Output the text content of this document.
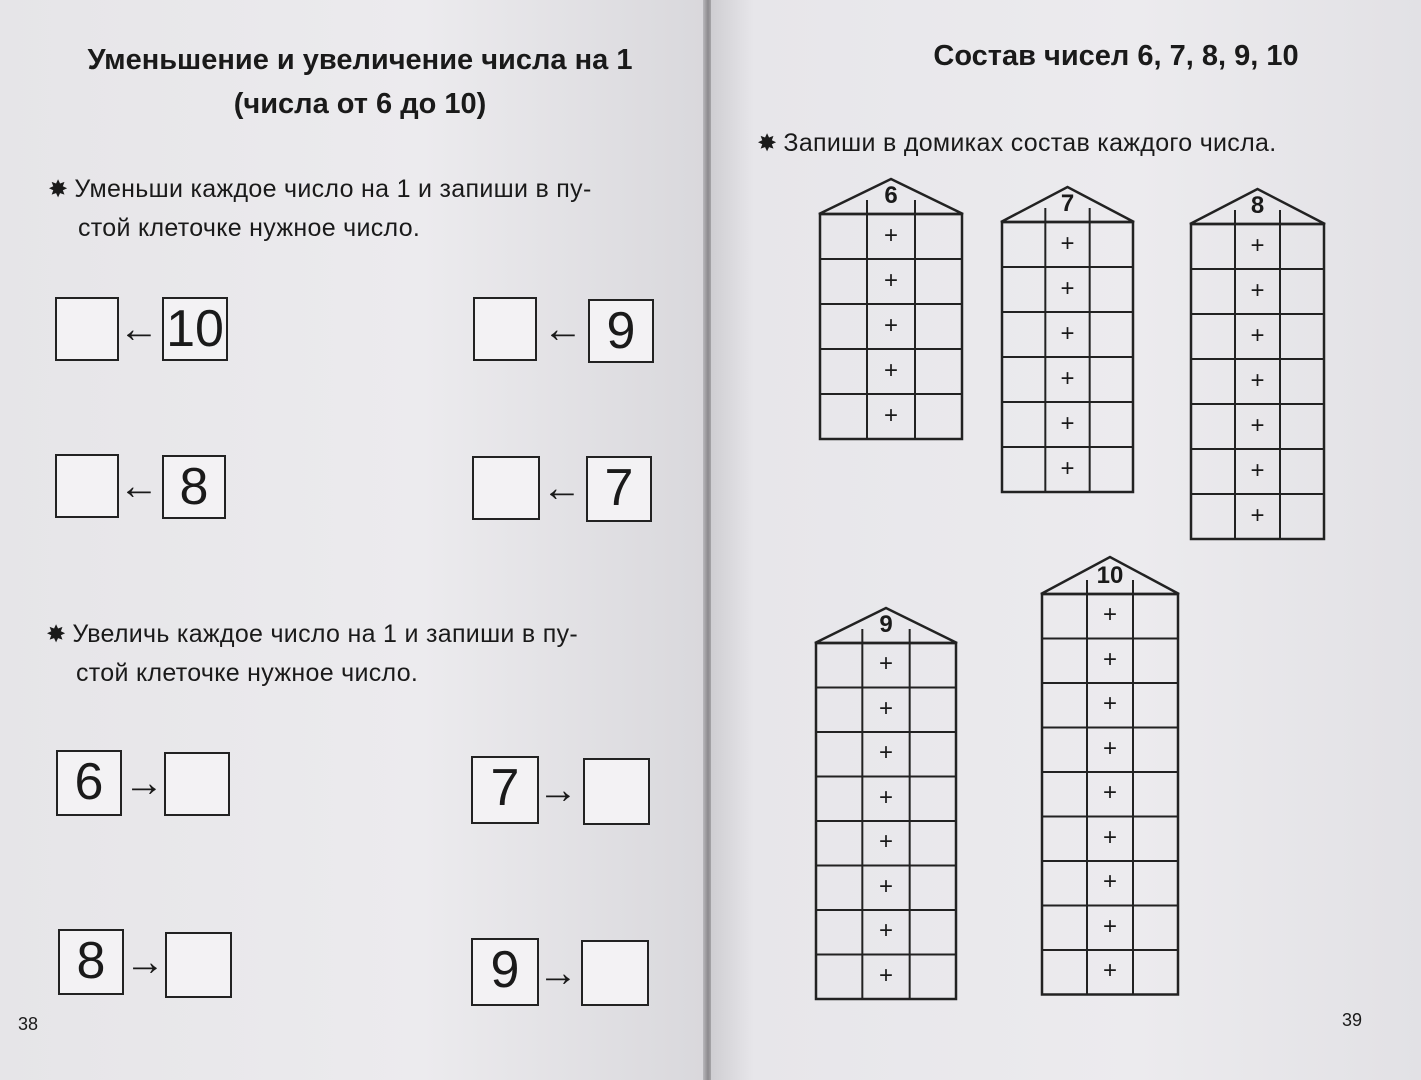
Уменьшение и увеличение числа на 1
(числа от 6 до 10)
✸ Уменьши каждое число на 1 и запиши в пу-
стой клеточке нужное число.
← 10	← 9
← 8	← 7
✸ Увеличь каждое число на 1 и запиши в пу-
стой клеточке нужное число.
6 →	7 →
8 →	9 →
38
Состав чисел 6, 7, 8, 9, 10
✸ Запиши в домиках состав каждого числа.
6
+
+
+
+
+
7
+
+
+
+
+
+
8
+
+
+
+
+
+
+
9
+
+
+
+
+
+
+
+
10
+
+
+
+
+
+
+
+
+
39
